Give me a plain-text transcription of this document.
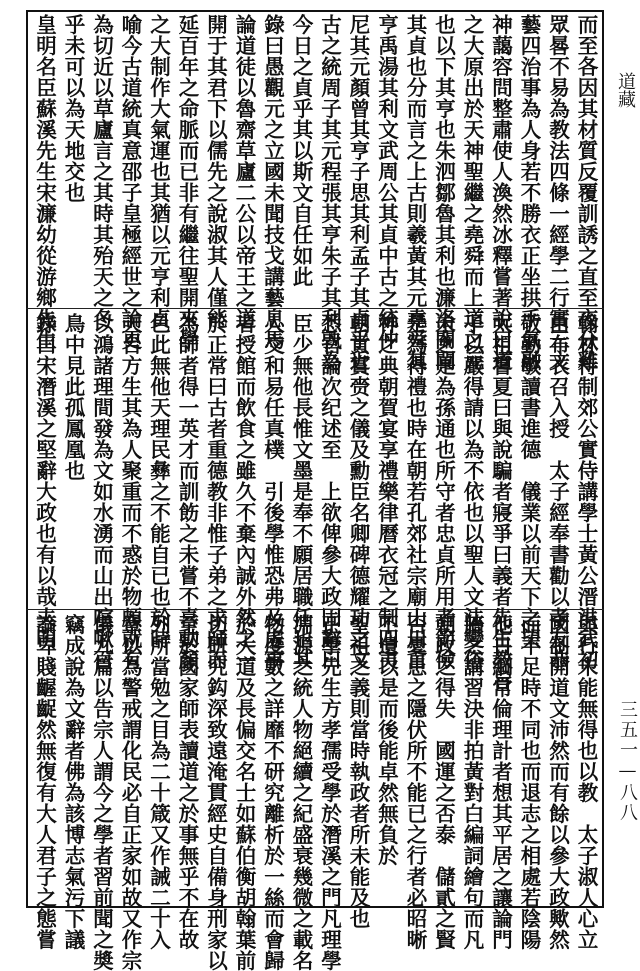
道藏
三五一—八八
而至各因其材質反覆訓誘之直至夜分雞
眾晷不易為教法四條一經學二行實三文
藝四治事為人身若不勝衣正坐拱手氣融
神藹容問整肅使人渙然冰釋嘗著說曰道
之大原出於天神聖繼之堯舜而上道之元
也以下其亨也朱泗鄒魯其利也濂洛關閩
其貞也分而言之上古則羲黃其元堯舜其
亨禹湯其利文武周公其貞中古之統仲
尼其元顏曾其亨子思其利孟子其貞乎近
古之統周子其元程張其亨朱子其利孰為
今日之貞乎其以斯文自任如此
錄曰愚觀元之立國未聞技戈講藝息馬
論道徒以魯齋草廬二公以帝王之道
開于其君下以儒先之說淑其人僅能
延百年之命脈而已非有繼往聖開來學
之大制作大氣運也其猶以元亨利貞
喻今古道統真意邵子皇極經世之論更
為切近以草廬言之其時其殆天之冬
乎未可以為天地交也
皇明名臣蘇溪先生宋濂幼從游鄉先生
翰林待制郊公實侍講學士黃公溍洪武初
由布衣召入授　太子經奉書勸以孝友恭
敬勤敏讀書進德　儀業以前天下之望
太祖嘗夏曰與說騙者寢爭曰義者先生教旨
子以嚴得請以為不依也以聖人文法變俗
未之是為孫通也所守者忠貞所用者節儉
是為得禮也時在朝若孔郊社宗廟山川百
神之典朝賀宴享禮樂律曆衣冠之制四夷
朝貢賞赍之儀及勳臣名卿碑德耀功之文
悉官論次纪述至　上欲俾參大政固辭曰
臣少無他長惟文墨是奉不願居職任也其
人交和易任真樸　引後學惟恐弗及處事
者授館而飲食之雖久不棄內誠外然之一
於正常曰古者重德教非惟子弟之求師而
為師者得一英才而訓飭之未嘗不喜動顏
色此無他天理民彝之不能自已也於時
天台方生其為人聚重而不惑於物頗就有
以鴻諸理間發為文如水湧而山出喧啾百
鳥中見此孤鳳凰也
錄曰宋潛溪之堅辭大政也有以哉夫明
與行未能無得也以教　太子淑人心立
國制開道文沛然而有餘以參大政歟然
而不足時不同也而退志之相處若陰陽
他日綱常倫理計者想其平居之讓論門
牆之講習決非拍黃對白編詞繪句而凡
朝政之得失　國運之否泰　儲貳之賢
否憂患之隱伏所不能已之行者必昭晰
不遺以是而後能卓然無負於
聖祖之義則當時執政者所未能及也
正學先生方孝孺受學於潛溪之門凡理學
淵源之統人物絕續之紀盛衰幾微之載名
物度數之詳靡不研究離析於一絲而會歸
於大道及長偏交名士如蘇伯衡胡翰葉前
切研究鈎深致遠淹貫經史自備身刑家以
至於國家師表讀道之於事無乎不在故
列所當勉之目為二十箴又作誡二十入
章以為警戒謂化民必自正家如故又作宗
儀九篇以告宗人謂今之學者習前聞之奬
竊成說為文辭者佛為該博志氣污下議
論卑賤齷齪然無復有大人君子之態嘗
